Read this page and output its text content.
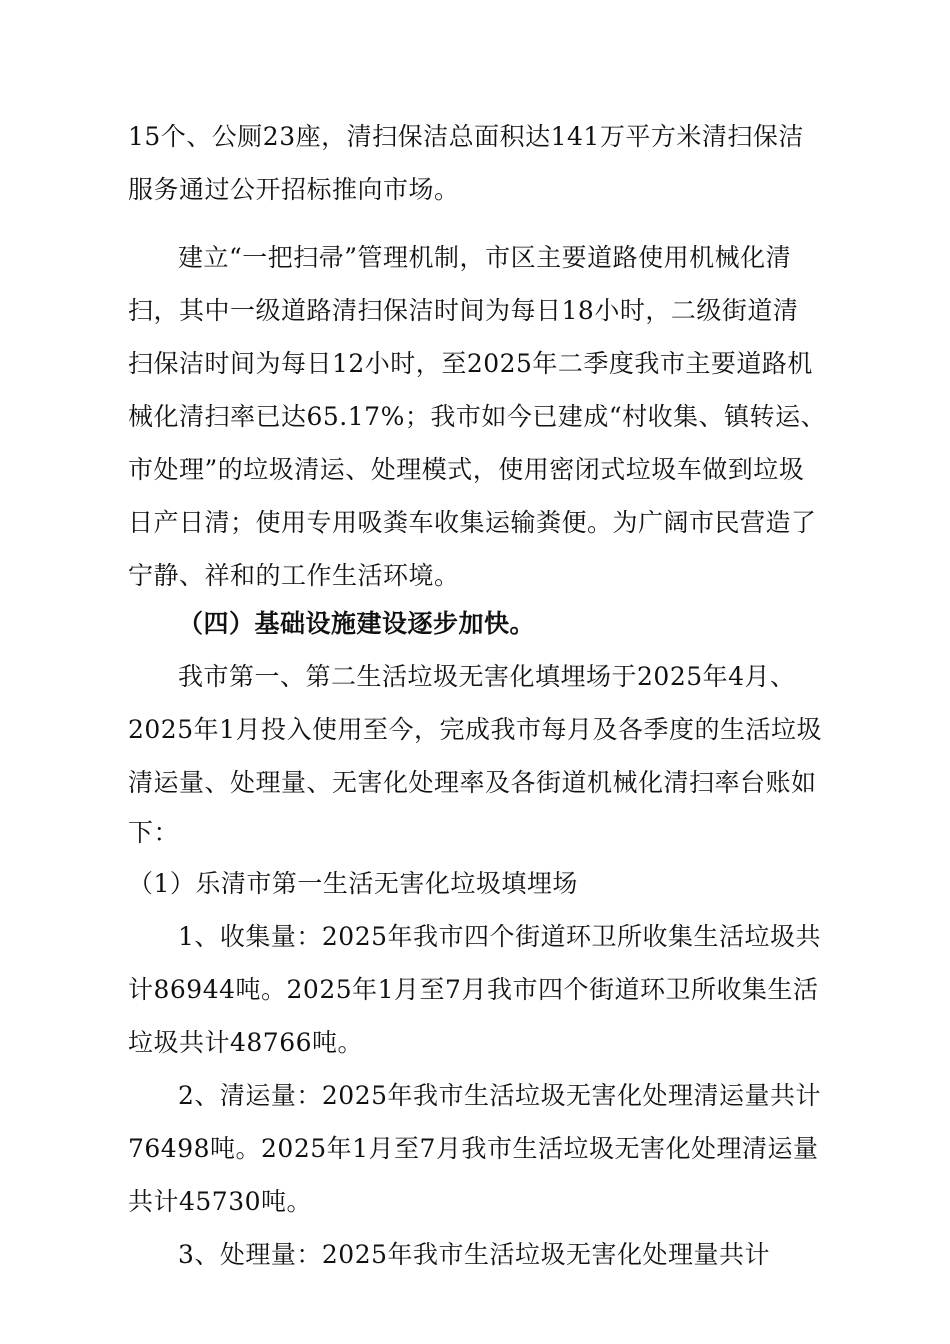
15个、公厕23座，清扫保洁总面积达141万平方米清扫保洁
服务通过公开招标推向市场。
建立“一把扫帚”管理机制，市区主要道路使用机械化清
扫，其中一级道路清扫保洁时间为每日18小时，二级街道清
扫保洁时间为每日12小时，至2025年二季度我市主要道路机
械化清扫率已达65.17%；我市如今已建成“村收集、镇转运、
市处理”的垃圾清运、处理模式，使用密闭式垃圾车做到垃圾
日产日清；使用专用吸粪车收集运输粪便。为广阔市民营造了
宁静、祥和的工作生活环境。
（四）基础设施建设逐步加快。
我市第一、第二生活垃圾无害化填埋场于2025年4月、
2025年1月投入使用至今，完成我市每月及各季度的生活垃圾
清运量、处理量、无害化处理率及各街道机械化清扫率台账如
下：
（1）乐清市第一生活无害化垃圾填埋场
1、收集量：2025年我市四个街道环卫所收集生活垃圾共
计86944吨。2025年1月至7月我市四个街道环卫所收集生活
垃圾共计48766吨。
2、清运量：2025年我市生活垃圾无害化处理清运量共计
76498吨。2025年1月至7月我市生活垃圾无害化处理清运量
共计45730吨。
3、处理量：2025年我市生活垃圾无害化处理量共计
